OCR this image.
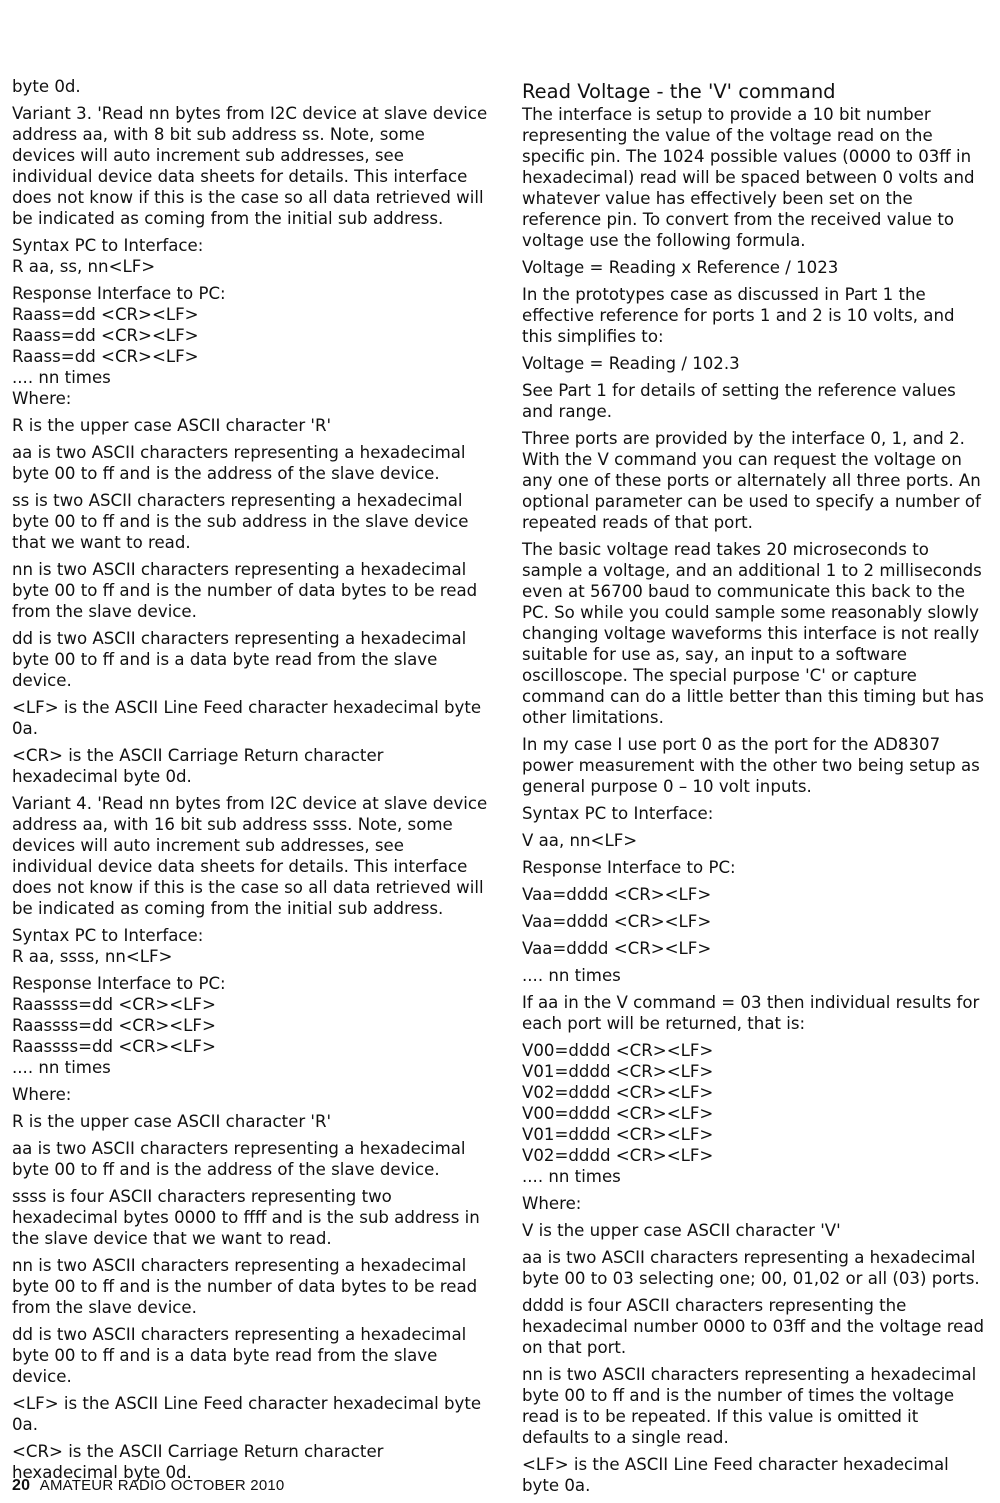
byte 0d.

Variant 3. 'Read nn bytes from I2C device at slave device address aa, with 8 bit sub address ss. Note, some devices will auto increment sub addresses, see individual device data sheets for details. This interface does not know if this is the case so all data retrieved will be indicated as coming from the initial sub address.

Syntax PC to Interface:
R aa, ss, nn<LF>

Response Interface to PC:
Raass=dd <CR><LF>
Raass=dd <CR><LF>
Raass=dd <CR><LF>
.... nn times
Where:

R is the upper case ASCII character 'R'

aa is two ASCII characters representing a hexadecimal byte 00 to ff and is the address of the slave device.

ss is two ASCII characters representing a hexadecimal byte 00 to ff and is the sub address in the slave device that we want to read.

nn is two ASCII characters representing a hexadecimal byte 00 to ff and is the number of data bytes to be read from the slave device.

dd is two ASCII characters representing a hexadecimal byte 00 to ff and is a data byte read from the slave device.

<LF> is the ASCII Line Feed character hexadecimal byte 0a.

<CR> is the ASCII Carriage Return character hexadecimal byte 0d.

Variant 4. 'Read nn bytes from I2C device at slave device address aa, with 16 bit sub address ssss. Note, some devices will auto increment sub addresses, see individual device data sheets for details. This interface does not know if this is the case so all data retrieved will be indicated as coming from the initial sub address.

Syntax PC to Interface:
R aa, ssss, nn<LF>

Response Interface to PC:
Raassss=dd <CR><LF>
Raassss=dd <CR><LF>
Raassss=dd <CR><LF>
.... nn times

Where:

R is the upper case ASCII character 'R'

aa is two ASCII characters representing a hexadecimal byte 00 to ff and is the address of the slave device.

ssss is four ASCII characters representing two hexadecimal bytes 0000 to ffff and is the sub address in the slave device that we want to read.

nn is two ASCII characters representing a hexadecimal byte 00 to ff and is the number of data bytes to be read from the slave device.

dd is two ASCII characters representing a hexadecimal byte 00 to ff and is a data byte read from the slave device.

<LF> is the ASCII Line Feed character hexadecimal byte 0a.

<CR> is the ASCII Carriage Return character hexadecimal byte 0d.

Read Voltage - the 'V' command

The interface is setup to provide a 10 bit number representing the value of the voltage read on the specific pin. The 1024 possible values (0000 to 03ff in hexadecimal) read will be spaced between 0 volts and whatever value has effectively been set on the reference pin. To convert from the received value to voltage use the following formula.

Voltage = Reading x Reference / 1023

In the prototypes case as discussed in Part 1 the effective reference for ports 1 and 2 is 10 volts, and this simplifies to:

Voltage = Reading / 102.3

See Part 1 for details of setting the reference values and range.

Three ports are provided by the interface 0, 1, and 2. With the V command you can request the voltage on any one of these ports or alternately all three ports. An optional parameter can be used to specify a number of repeated reads of that port.

The basic voltage read takes 20 microseconds to sample a voltage, and an additional 1 to 2 milliseconds even at 56700 baud to communicate this back to the PC. So while you could sample some reasonably slowly changing voltage waveforms this interface is not really suitable for use as, say, an input to a software oscilloscope. The special purpose 'C' or capture command can do a little better than this timing but has other limitations.

In my case I use port 0 as the port for the AD8307 power measurement with the other two being setup as general purpose 0 – 10 volt inputs.

Syntax PC to Interface:

V aa, nn<LF>

Response Interface to PC:

Vaa=dddd <CR><LF>

Vaa=dddd <CR><LF>

Vaa=dddd <CR><LF>

.... nn times

If aa in the V command = 03 then individual results for each port will be returned, that is:

V00=dddd <CR><LF>
V01=dddd <CR><LF>
V02=dddd <CR><LF>
V00=dddd <CR><LF>
V01=dddd <CR><LF>
V02=dddd <CR><LF>
.... nn times

Where:

V is the upper case ASCII character 'V'

aa is two ASCII characters representing a hexadecimal byte 00 to 03 selecting one; 00, 01,02 or all (03) ports.

dddd is four ASCII characters representing the hexadecimal number 0000 to 03ff and the voltage read on that port.

nn is two ASCII characters representing a hexadecimal byte 00 to ff and is the number of times the voltage read is to be repeated. If this value is omitted it defaults to a single read.

<LF> is the ASCII Line Feed character hexadecimal byte 0a.

20 AMATEUR RADIO OCTOBER 2010
